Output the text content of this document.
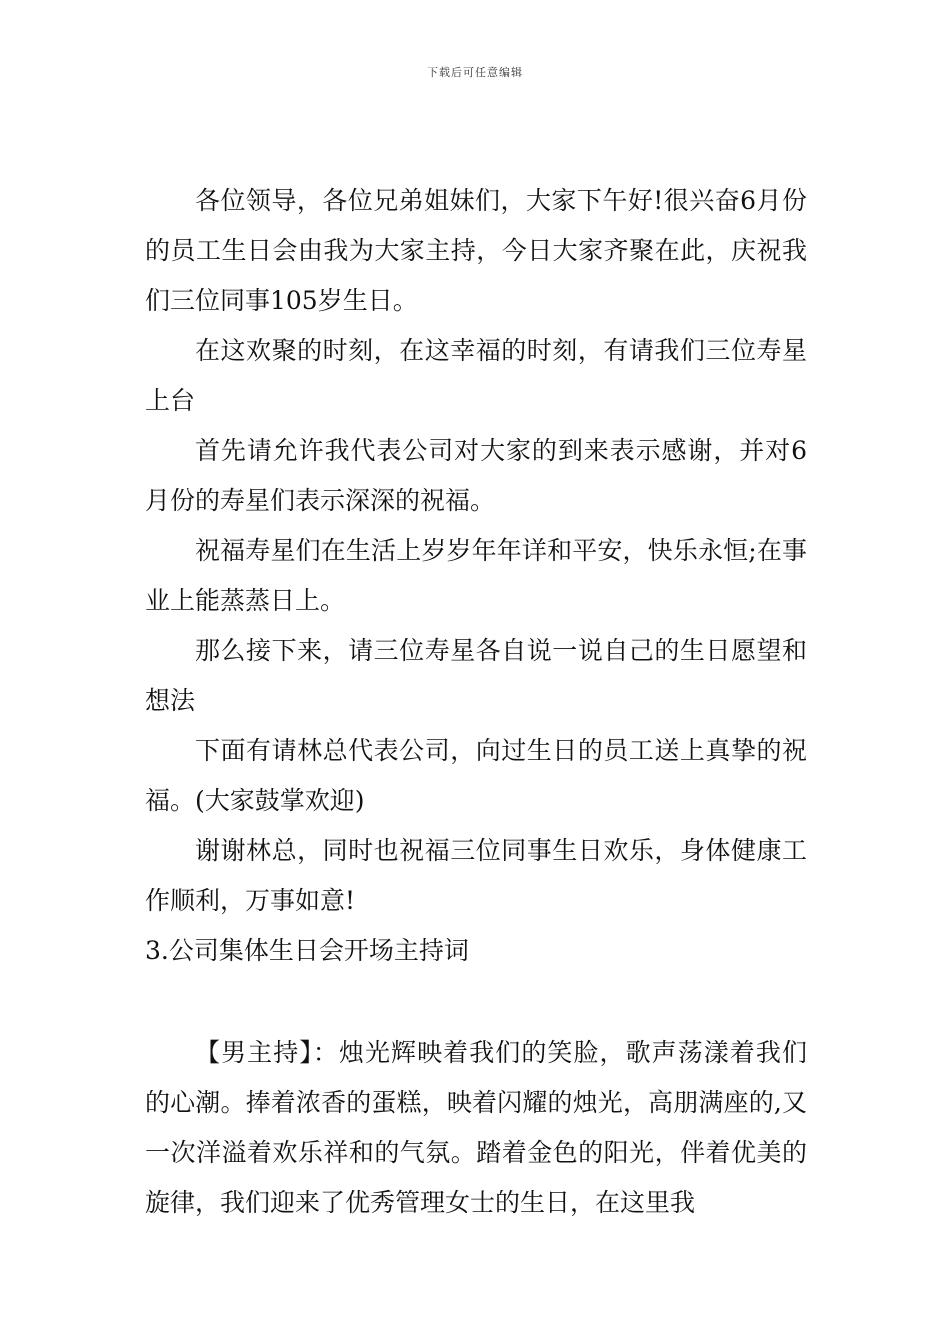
下载后可任意编辑

各位领导，各位兄弟姐妹们，大家下午好!很兴奋6月份的员工生日会由我为大家主持，今日大家齐聚在此，庆祝我们三位同事105岁生日。

在这欢聚的时刻，在这幸福的时刻，有请我们三位寿星上台

首先请允许我代表公司对大家的到来表示感谢，并对6月份的寿星们表示深深的祝福。

祝福寿星们在生活上岁岁年年详和平安，快乐永恒;在事业上能蒸蒸日上。

那么接下来，请三位寿星各自说一说自己的生日愿望和想法

下面有请林总代表公司，向过生日的员工送上真挚的祝福。(大家鼓掌欢迎)

谢谢林总，同时也祝福三位同事生日欢乐，身体健康工作顺利，万事如意!

3.公司集体生日会开场主持词

【男主持】：烛光辉映着我们的笑脸，歌声荡漾着我们的心潮。捧着浓香的蛋糕，映着闪耀的烛光，高朋满座的,又一次洋溢着欢乐祥和的气氛。踏着金色的阳光，伴着优美的旋律，我们迎来了优秀管理女士的生日，在这里我
